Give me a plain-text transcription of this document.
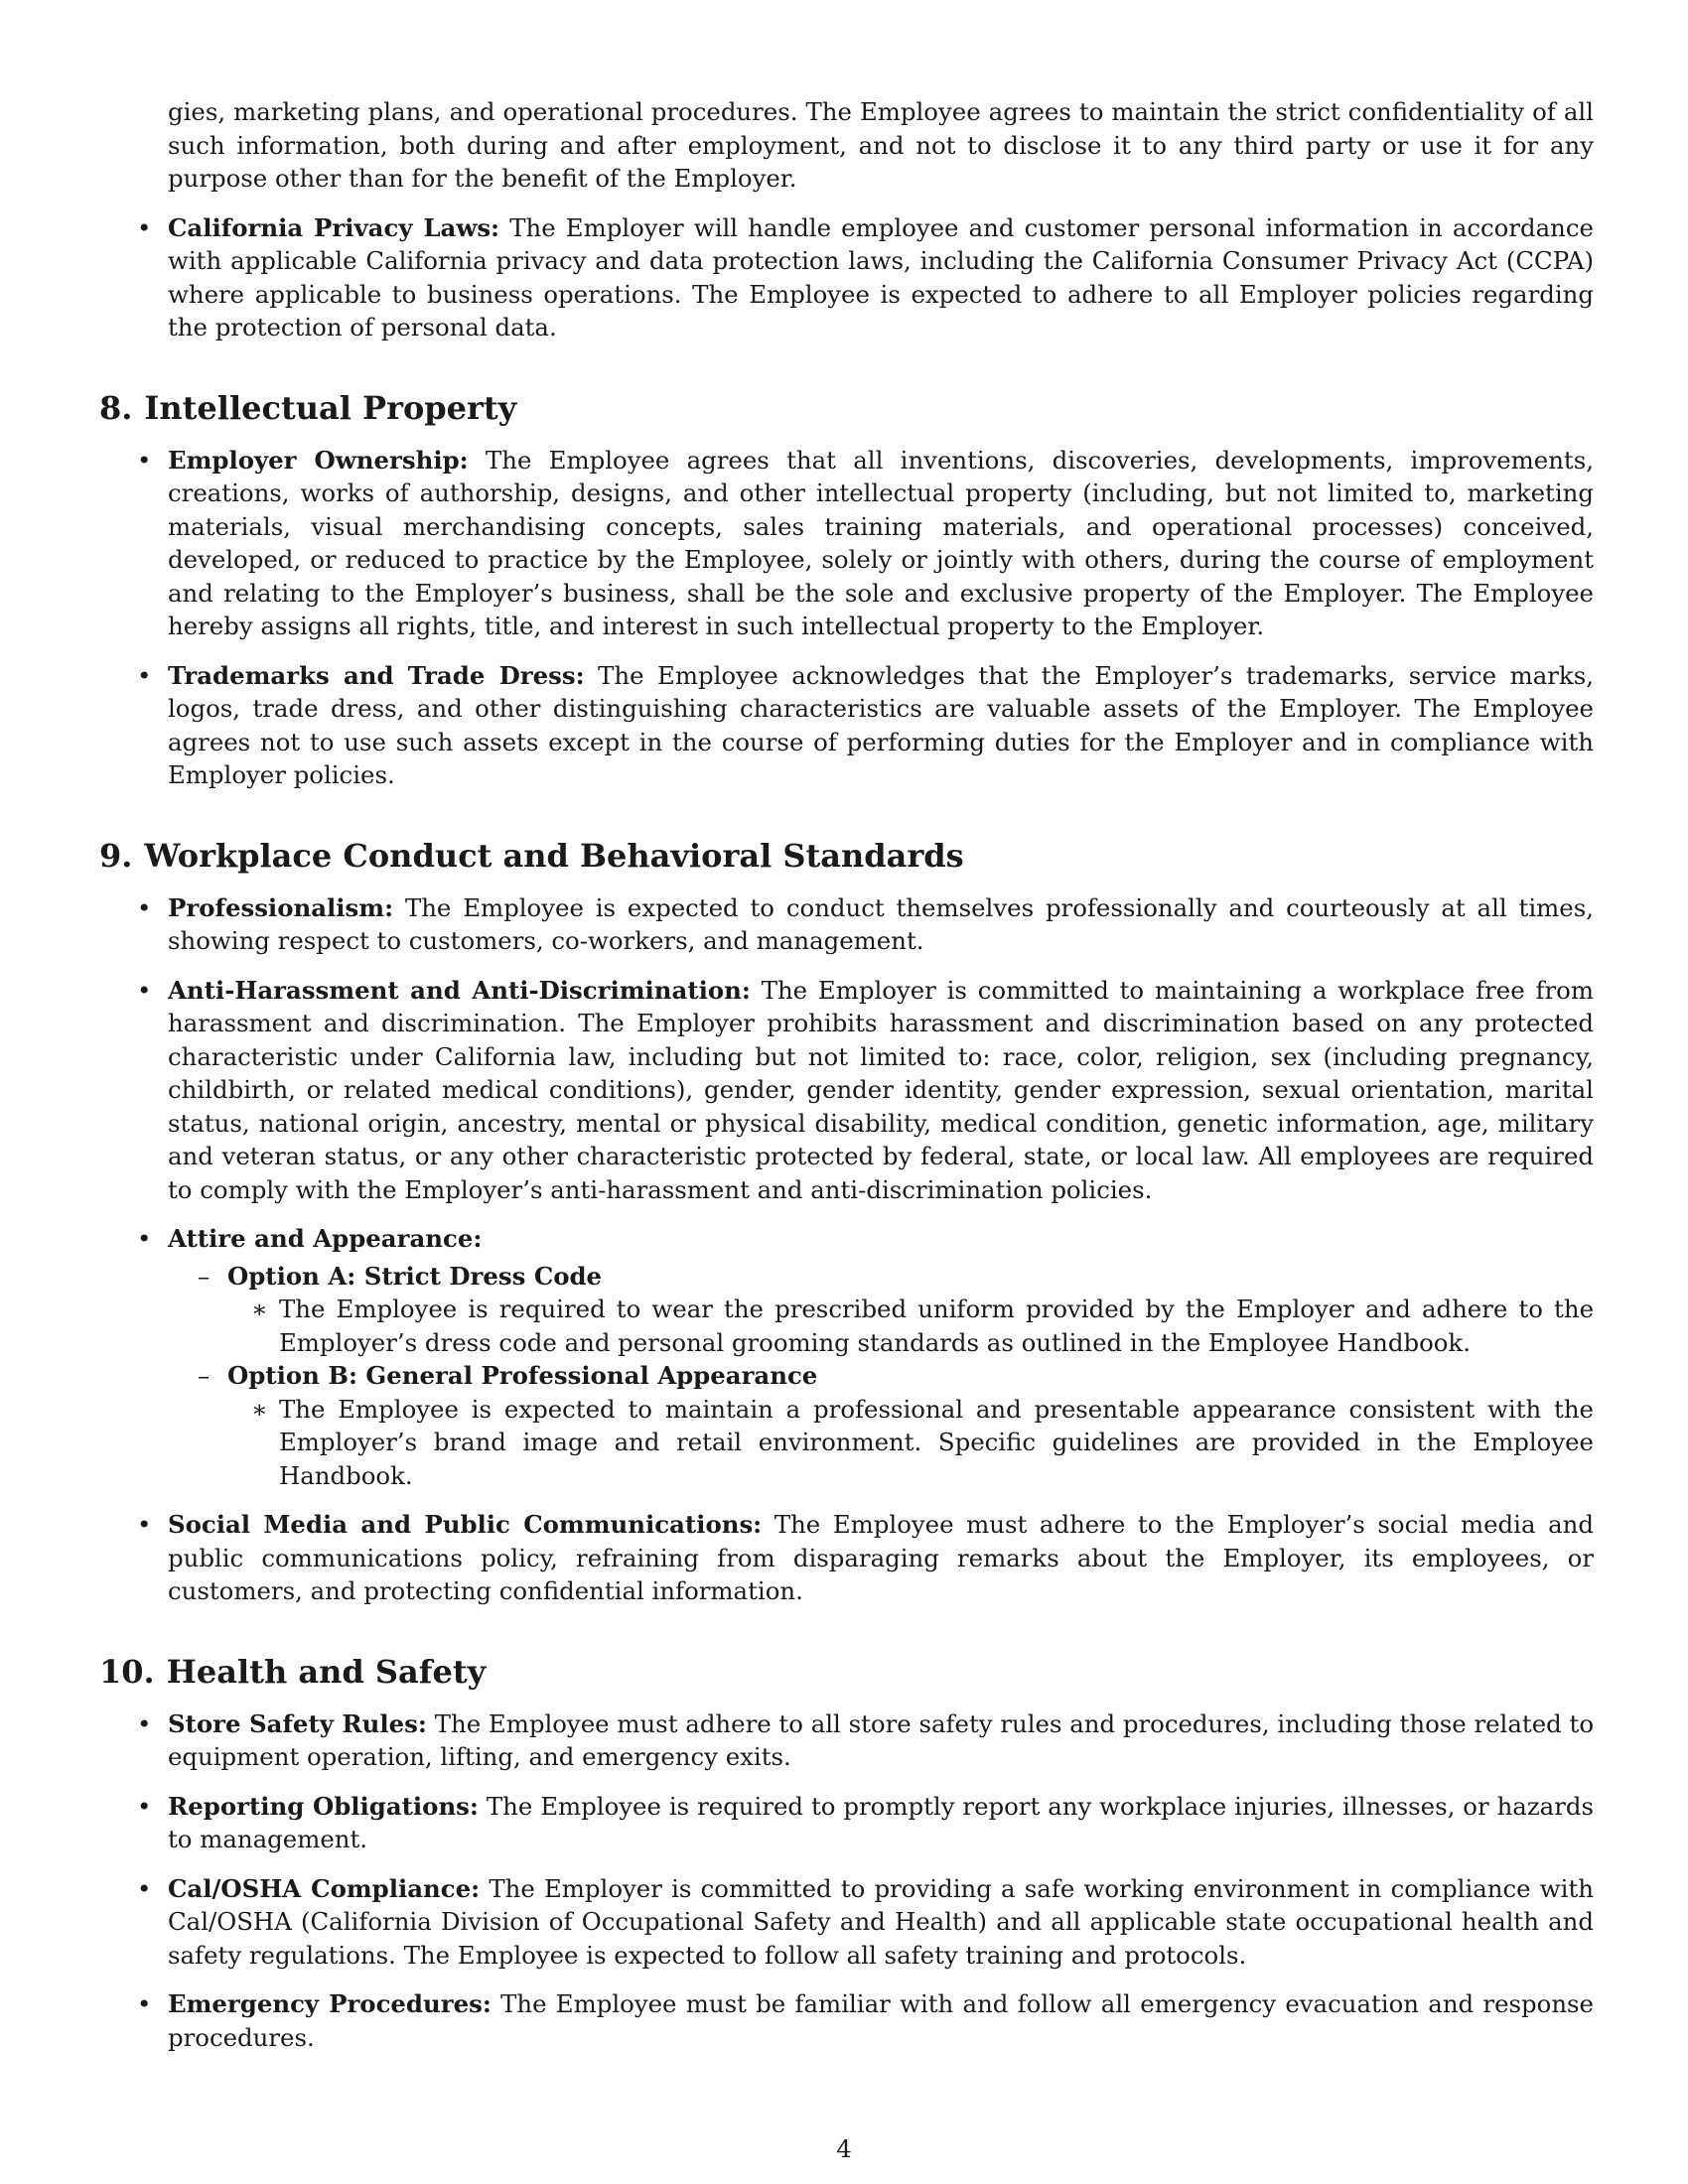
gies, marketing plans, and operational procedures. The Employee agrees to maintain the strict confidentiality of all such information, both during and after employment, and not to disclose it to any third party or use it for any purpose other than for the benefit of the Employer.

• California Privacy Laws: The Employer will handle employee and customer personal information in accordance with applicable California privacy and data protection laws, including the California Consumer Privacy Act (CCPA) where applicable to business operations. The Employee is expected to adhere to all Employer policies regarding the protection of personal data.
8. Intellectual Property
• Employer Ownership: The Employee agrees that all inventions, discoveries, developments, improvements, creations, works of authorship, designs, and other intellectual property (including, but not limited to, marketing materials, visual merchandising concepts, sales training materials, and operational processes) conceived, developed, or reduced to practice by the Employee, solely or jointly with others, during the course of employment and relating to the Employer’s business, shall be the sole and exclusive property of the Employer. The Employee hereby assigns all rights, title, and interest in such intellectual property to the Employer.
• Trademarks and Trade Dress: The Employee acknowledges that the Employer’s trademarks, service marks, logos, trade dress, and other distinguishing characteristics are valuable assets of the Employer. The Employee agrees not to use such assets except in the course of performing duties for the Employer and in compliance with Employer policies.
9. Workplace Conduct and Behavioral Standards
• Professionalism: The Employee is expected to conduct themselves professionally and courteously at all times, showing respect to customers, co-workers, and management.
• Anti-Harassment and Anti-Discrimination: The Employer is committed to maintaining a workplace free from harassment and discrimination. The Employer prohibits harassment and discrimination based on any protected characteristic under California law, including but not limited to: race, color, religion, sex (including pregnancy, childbirth, or related medical conditions), gender, gender identity, gender expression, sexual orientation, marital status, national origin, ancestry, mental or physical disability, medical condition, genetic information, age, military and veteran status, or any other characteristic protected by federal, state, or local law. All employees are required to comply with the Employer’s anti-harassment and anti-discrimination policies.
• Attire and Appearance:
– Option A: Strict Dress Code
∗ The Employee is required to wear the prescribed uniform provided by the Employer and adhere to the Employer’s dress code and personal grooming standards as outlined in the Employee Handbook.
– Option B: General Professional Appearance
∗ The Employee is expected to maintain a professional and presentable appearance consistent with the Employer’s brand image and retail environment. Specific guidelines are provided in the Employee Handbook.
• Social Media and Public Communications: The Employee must adhere to the Employer’s social media and public communications policy, refraining from disparaging remarks about the Employer, its employees, or customers, and protecting confidential information.
10. Health and Safety
• Store Safety Rules: The Employee must adhere to all store safety rules and procedures, including those related to equipment operation, lifting, and emergency exits.
• Reporting Obligations: The Employee is required to promptly report any workplace injuries, illnesses, or hazards to management.
• Cal/OSHA Compliance: The Employer is committed to providing a safe working environment in compliance with Cal/OSHA (California Division of Occupational Safety and Health) and all applicable state occupational health and safety regulations. The Employee is expected to follow all safety training and protocols.
• Emergency Procedures: The Employee must be familiar with and follow all emergency evacuation and response procedures.
4
